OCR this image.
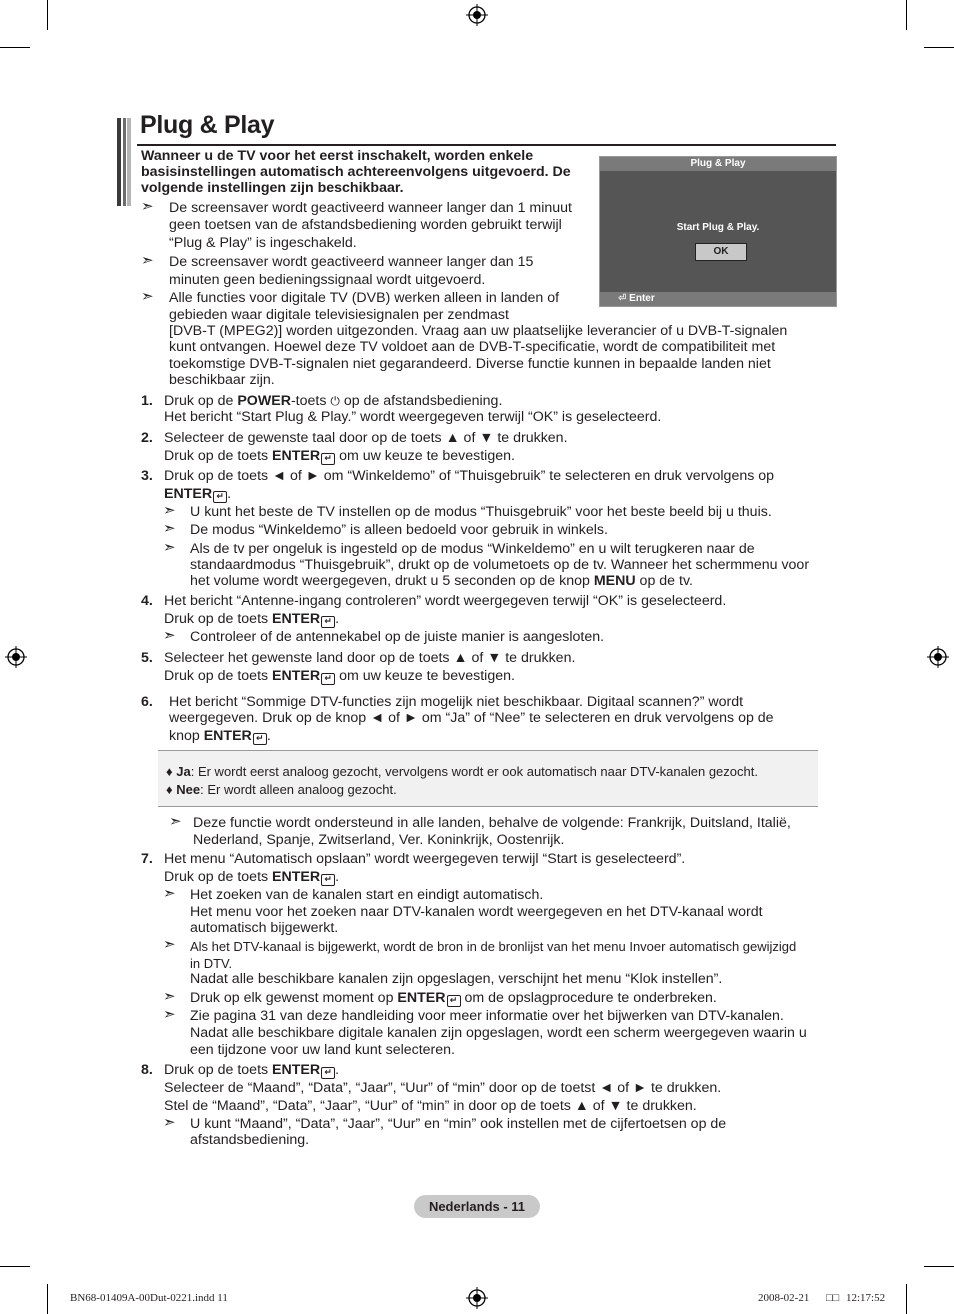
Plug & Play
Wanneer u de TV voor het eerst inschakelt, worden enkele
basisinstellingen automatisch achtereenvolgens uitgevoerd. De
volgende instellingen zijn beschikbaar.
➣ De screensaver wordt geactiveerd wanneer langer dan 1 minuut
geen toetsen van de afstandsbediening worden gebruikt terwijl
“Plug & Play” is ingeschakeld.
➣ De screensaver wordt geactiveerd wanneer langer dan 15
minuten geen bedieningssignaal wordt uitgevoerd.
➣ Alle functies voor digitale TV (DVB) werken alleen in landen of
gebieden waar digitale televisiesignalen per zendmast
[DVB-T (MPEG2)] worden uitgezonden. Vraag aan uw plaatselijke leverancier of u DVB-T-signalen
kunt ontvangen. Hoewel deze TV voldoet aan de DVB-T-specificatie, wordt de compatibiliteit met
toekomstige DVB-T-signalen niet gegarandeerd. Diverse functie kunnen in bepaalde landen niet
beschikbaar zijn.
Plug & Play
Start Plug & Play.
OK
⏎ Enter
1. Druk op de POWER-toets ⏻ op de afstandsbediening.
Het bericht “Start Plug & Play.” wordt weergegeven terwijl “OK” is geselecteerd.
2. Selecteer de gewenste taal door op de toets ▲ of ▼ te drukken.
Druk op de toets ENTER ↵ om uw keuze te bevestigen.
3. Druk op de toets ◄ of ► om “Winkeldemo” of “Thuisgebruik” te selecteren en druk vervolgens op
ENTER ↵ .
➣ U kunt het beste de TV instellen op de modus “Thuisgebruik” voor het beste beeld bij u thuis.
➣ De modus “Winkeldemo” is alleen bedoeld voor gebruik in winkels.
➣ Als de tv per ongeluk is ingesteld op de modus “Winkeldemo” en u wilt terugkeren naar de
standaardmodus “Thuisgebruik”, drukt op de volumetoets op de tv. Wanneer het schermmenu voor
het volume wordt weergegeven, drukt u 5 seconden op de knop MENU op de tv.
4. Het bericht “Antenne-ingang controleren” wordt weergegeven terwijl “OK” is geselecteerd.
Druk op de toets ENTER ↵ .
➣ Controleer of de antennekabel op de juiste manier is aangesloten.
5. Selecteer het gewenste land door op de toets ▲ of ▼ te drukken.
Druk op de toets ENTER ↵ om uw keuze te bevestigen.
6. Het bericht “Sommige DTV-functies zijn mogelijk niet beschikbaar. Digitaal scannen?” wordt
weergegeven. Druk op de knop ◄ of ► om “Ja” of “Nee” te selecteren en druk vervolgens op de
knop ENTER ↵ .
♦ Ja: Er wordt eerst analoog gezocht, vervolgens wordt er ook automatisch naar DTV-kanalen gezocht.
♦ Nee: Er wordt alleen analoog gezocht.
➣ Deze functie wordt ondersteund in alle landen, behalve de volgende: Frankrijk, Duitsland, Italië,
Nederland, Spanje, Zwitserland, Ver. Koninkrijk, Oostenrijk.
7. Het menu “Automatisch opslaan” wordt weergegeven terwijl “Start is geselecteerd”.
Druk op de toets ENTER ↵ .
➣ Het zoeken van de kanalen start en eindigt automatisch.
Het menu voor het zoeken naar DTV-kanalen wordt weergegeven en het DTV-kanaal wordt
automatisch bijgewerkt.
➣ Als het DTV-kanaal is bijgewerkt, wordt de bron in de bronlijst van het menu Invoer automatisch gewijzigd
in DTV.
Nadat alle beschikbare kanalen zijn opgeslagen, verschijnt het menu “Klok instellen”.
➣ Druk op elk gewenst moment op ENTER ↵ om de opslagprocedure te onderbreken.
➣ Zie pagina 31 van deze handleiding voor meer informatie over het bijwerken van DTV-kanalen.
Nadat alle beschikbare digitale kanalen zijn opgeslagen, wordt een scherm weergegeven waarin u
een tijdzone voor uw land kunt selecteren.
8. Druk op de toets ENTER ↵ .
Selecteer de “Maand”, “Data”, “Jaar”, “Uur” of “min” door op de toetst ◄ of ► te drukken.
Stel de “Maand”, “Data”, “Jaar”, “Uur” of “min” in door op de toets ▲ of ▼ te drukken.
➣ U kunt “Maand”, “Data”, “Jaar”, “Uur” en “min” ook instellen met de cijfertoetsen op de
afstandsbediening.
Nederlands - 11
BN68-01409A-00Dut-0221.indd 11	2008-02-21 □□ 12:17:52
